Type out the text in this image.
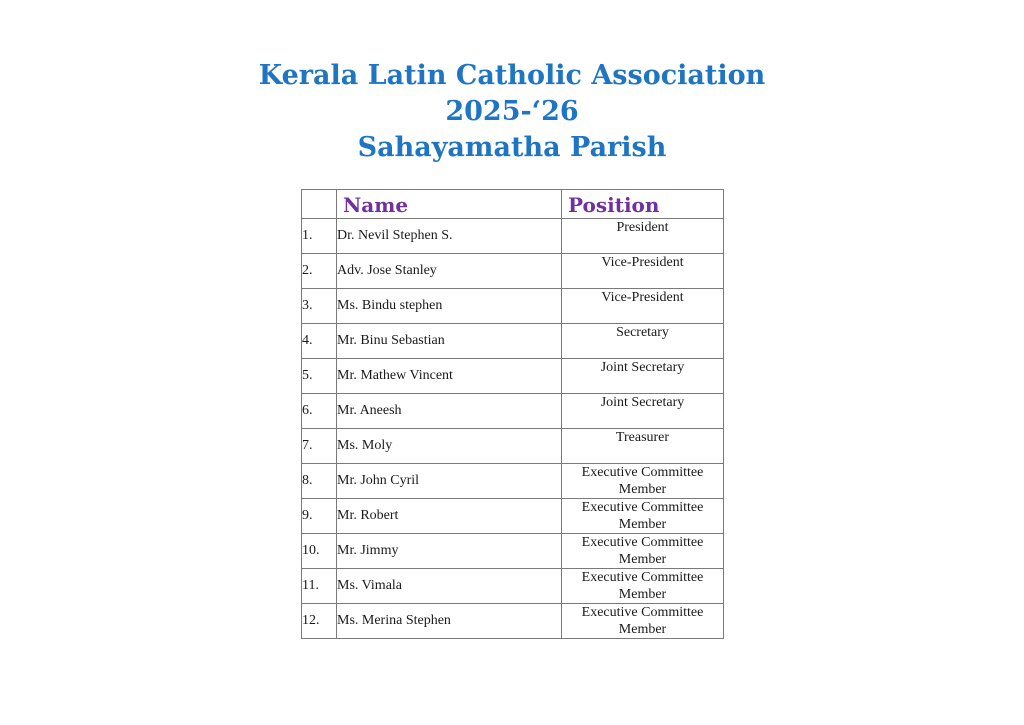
Kerala Latin Catholic Association
2025-‘26
Sahayamatha Parish
	Name	Position
1.	Dr. Nevil Stephen S.	President
2.	Adv. Jose Stanley	Vice-President
3.	Ms. Bindu stephen	Vice-President
4.	Mr. Binu Sebastian	Secretary
5.	Mr. Mathew Vincent	Joint Secretary
6.	Mr. Aneesh	Joint Secretary
7.	Ms. Moly	Treasurer
8.	Mr. John Cyril	Executive Committee Member
9.	Mr. Robert	Executive Committee Member
10.	Mr. Jimmy	Executive Committee Member
11.	Ms. Vimala	Executive Committee Member
12.	Ms. Merina Stephen	Executive Committee Member
